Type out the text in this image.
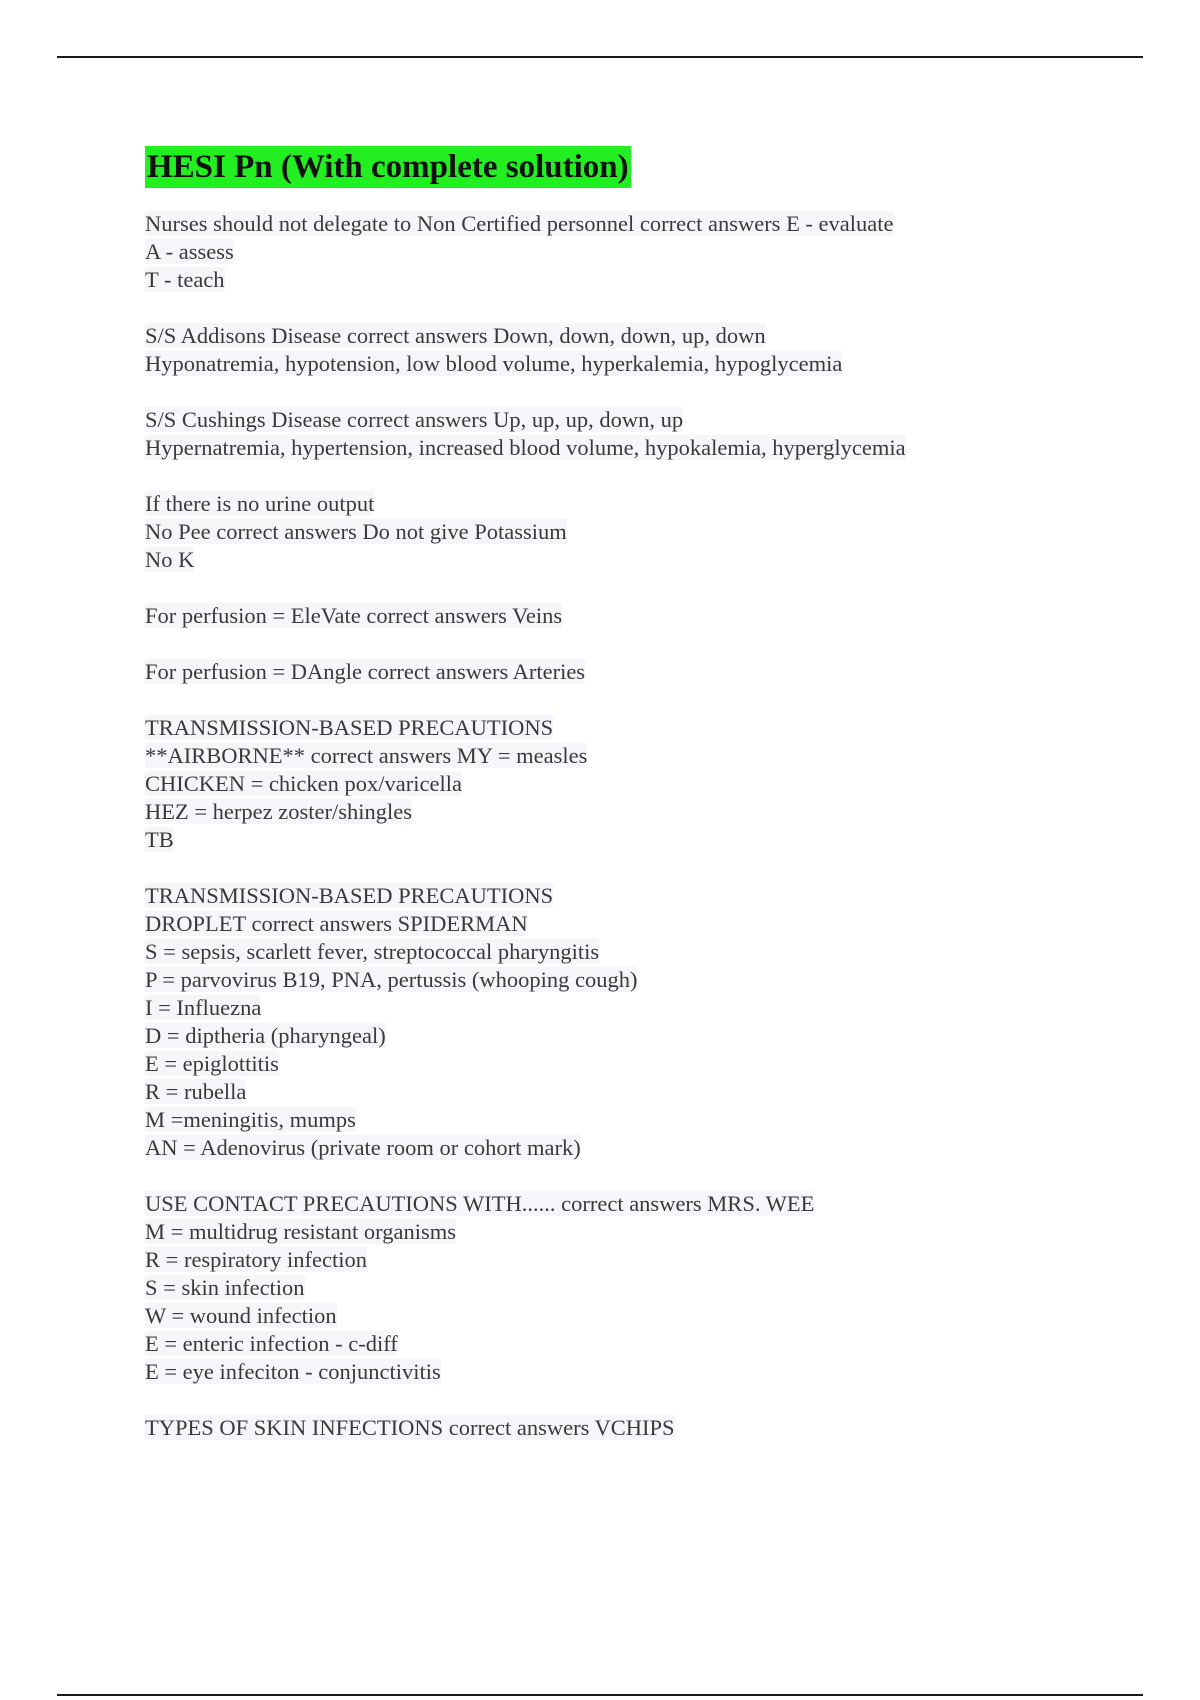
HESI Pn (With complete solution)
Nurses should not delegate to Non Certified personnel correct answers E - evaluate
A - assess
T - teach
S/S Addisons Disease correct answers Down, down, down, up, down
Hyponatremia, hypotension, low blood volume, hyperkalemia, hypoglycemia
S/S Cushings Disease correct answers Up, up, up, down, up
Hypernatremia, hypertension, increased blood volume, hypokalemia, hyperglycemia
If there is no urine output
No Pee correct answers Do not give Potassium
No K
For perfusion = EleVate correct answers Veins
For perfusion = DAngle correct answers Arteries
TRANSMISSION-BASED PRECAUTIONS
**AIRBORNE** correct answers MY = measles
CHICKEN = chicken pox/varicella
HEZ = herpez zoster/shingles
TB
TRANSMISSION-BASED PRECAUTIONS
DROPLET correct answers SPIDERMAN
S = sepsis, scarlett fever, streptococcal pharyngitis
P = parvovirus B19, PNA, pertussis (whooping cough)
I = Influezna
D = diptheria (pharyngeal)
E = epiglottitis
R = rubella
M =meningitis, mumps
AN = Adenovirus (private room or cohort mark)
USE CONTACT PRECAUTIONS WITH...... correct answers MRS. WEE
M = multidrug resistant organisms
R = respiratory infection
S = skin infection
W = wound infection
E = enteric infection - c-diff
E = eye infeciton - conjunctivitis
TYPES OF SKIN INFECTIONS correct answers VCHIPS
